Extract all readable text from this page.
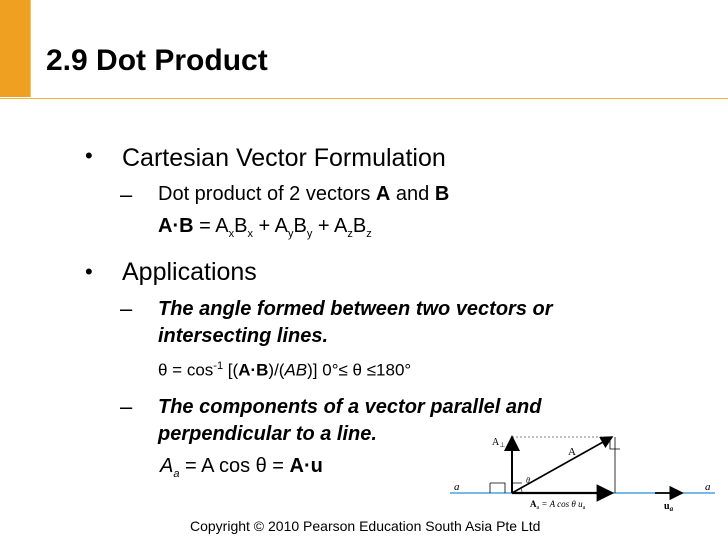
2.9 Dot Product
• Cartesian Vector Formulation
– Dot product of 2 vectors A and B
$A\cdot B = A_xB_x + A_yB_y + A_zB_z$
• Applications
– The angle formed between two vectors or
intersecting lines.
$\theta = \cos^{-1} [(A\cdot B)/(AB)]$ 0°≤ θ ≤180°
– The components of a vector parallel and
perpendicular to a line.
$A_a = A$ cos θ = A·u
a	a
$A_\perp$
A
θ
$A_a = A$ cos θ $u_a$	$u_a$
Copyright © 2010 Pearson Education South Asia Pte Ltd
